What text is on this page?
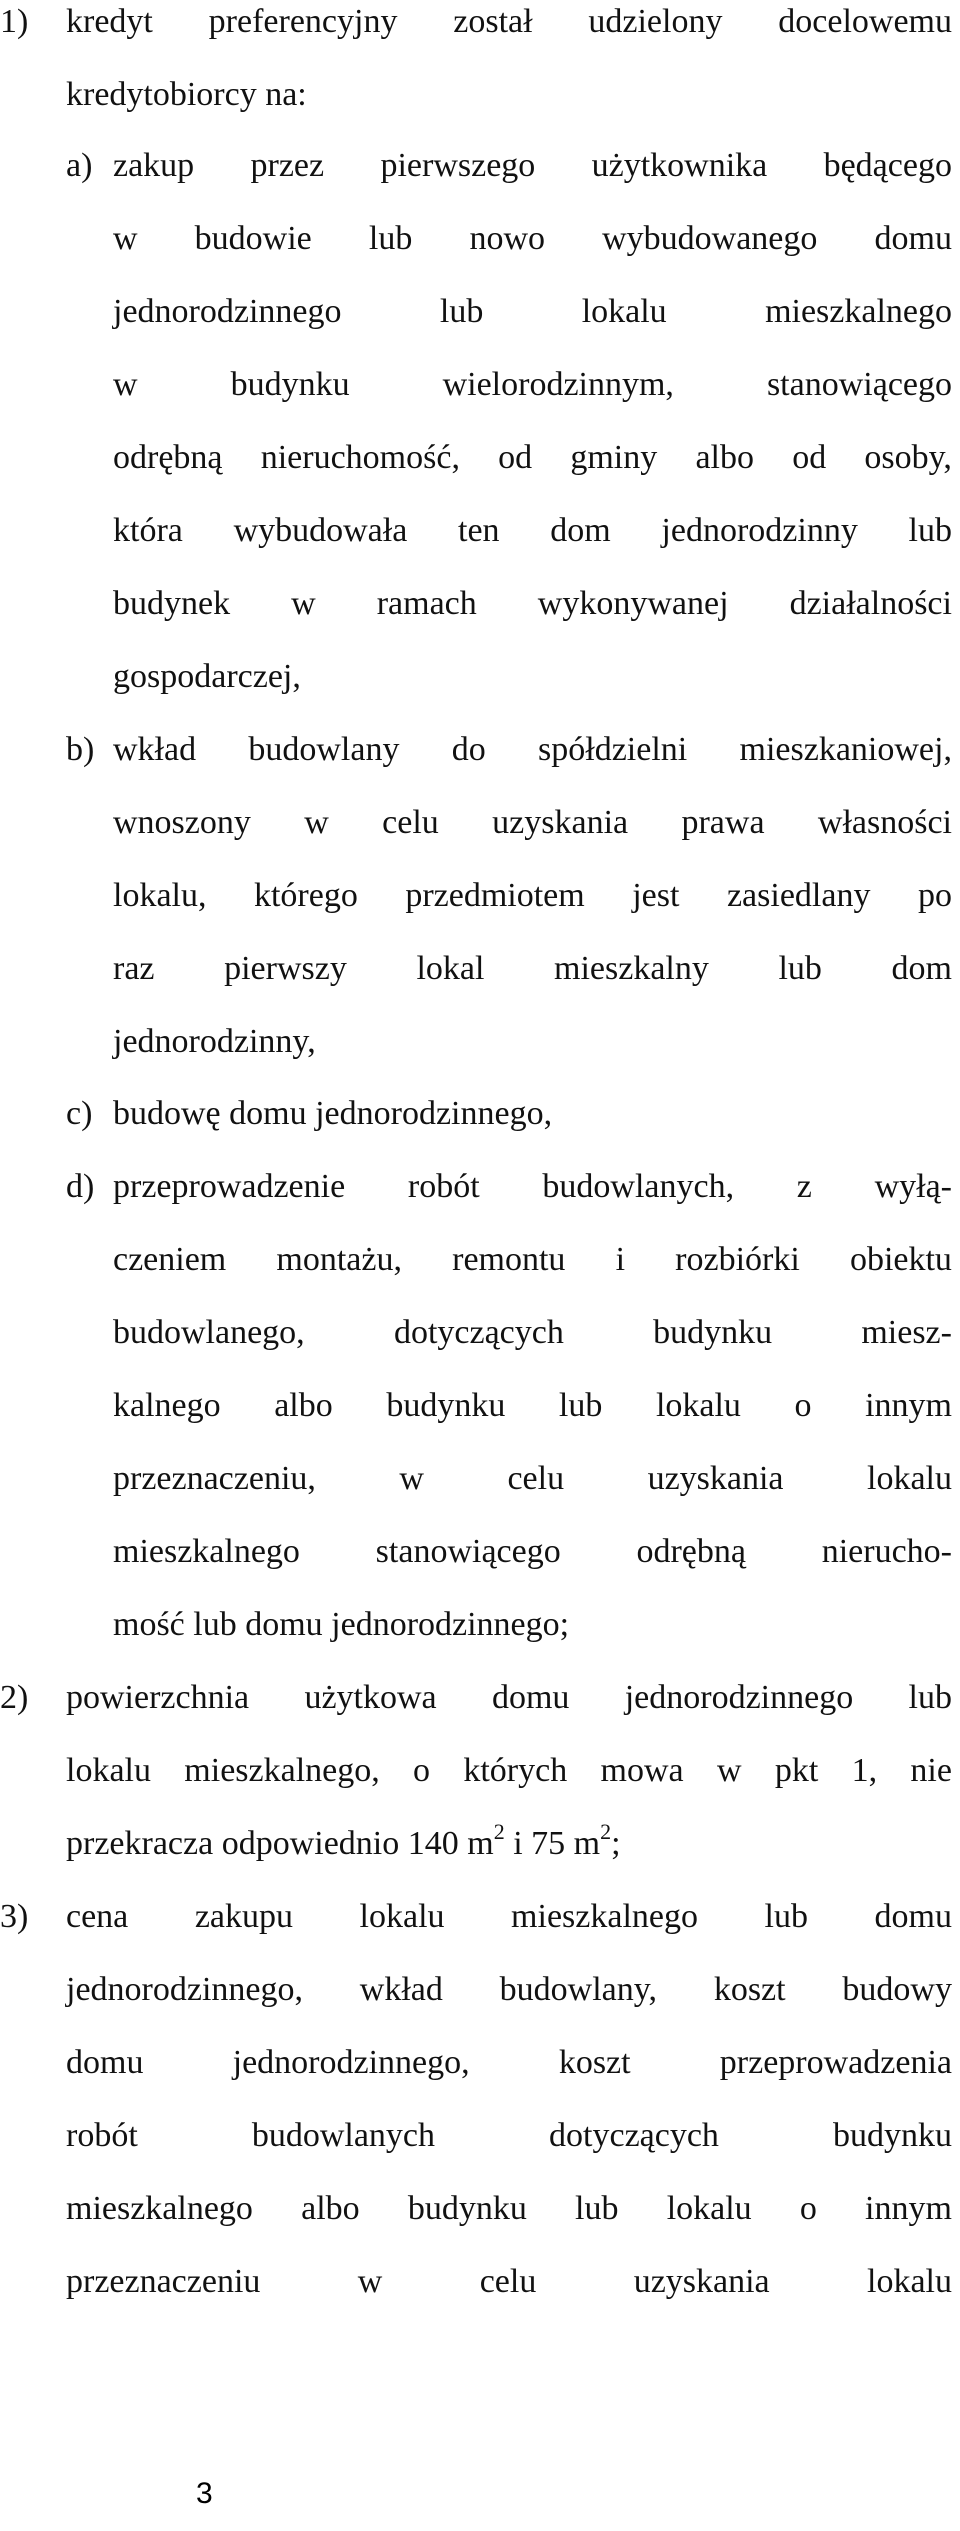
1) kredyt preferencyjny został udzielony docelowemu
kredytobiorcy na:
a) zakup przez pierwszego użytkownika będącego
w budowie lub nowo wybudowanego domu
jednorodzinnego	lub	lokalu	mieszkalnego
w	budynku	wielorodzinnym,	stanowiącego
odrębną nieruchomość, od gminy albo od osoby,
która wybudowała ten dom jednorodzinny lub
budynek w ramach wykonywanej działalności
gospodarczej,
b) wkład budowlany do spółdzielni mieszkaniowej,
wnoszony w celu uzyskania prawa własności
lokalu, którego przedmiotem jest zasiedlany po
raz pierwszy lokal mieszkalny lub dom
jednorodzinny,
c) budowę domu jednorodzinnego,
d) przeprowadzenie robót budowlanych, z wyłą-
czeniem montażu, remontu i rozbiórki obiektu
budowlanego,	dotyczących	budynku	miesz-
kalnego albo budynku lub lokalu o innym
przeznaczeniu, w celu uzyskania lokalu
mieszkalnego stanowiącego odrębną nierucho-
mość lub domu jednorodzinnego;
2) powierzchnia użytkowa domu jednorodzinnego lub
lokalu mieszkalnego, o których mowa w pkt 1, nie
przekracza odpowiednio 140 $m^2$ i 75 $m^2$;
3) cena zakupu lokalu mieszkalnego lub domu
jednorodzinnego, wkład budowlany, koszt budowy
domu	jednorodzinnego,	koszt	przeprowadzenia
robót	budowlanych	dotyczących	budynku
mieszkalnego albo budynku lub lokalu o innym
przeznaczeniu	w	celu	uzyskania	lokalu
3
